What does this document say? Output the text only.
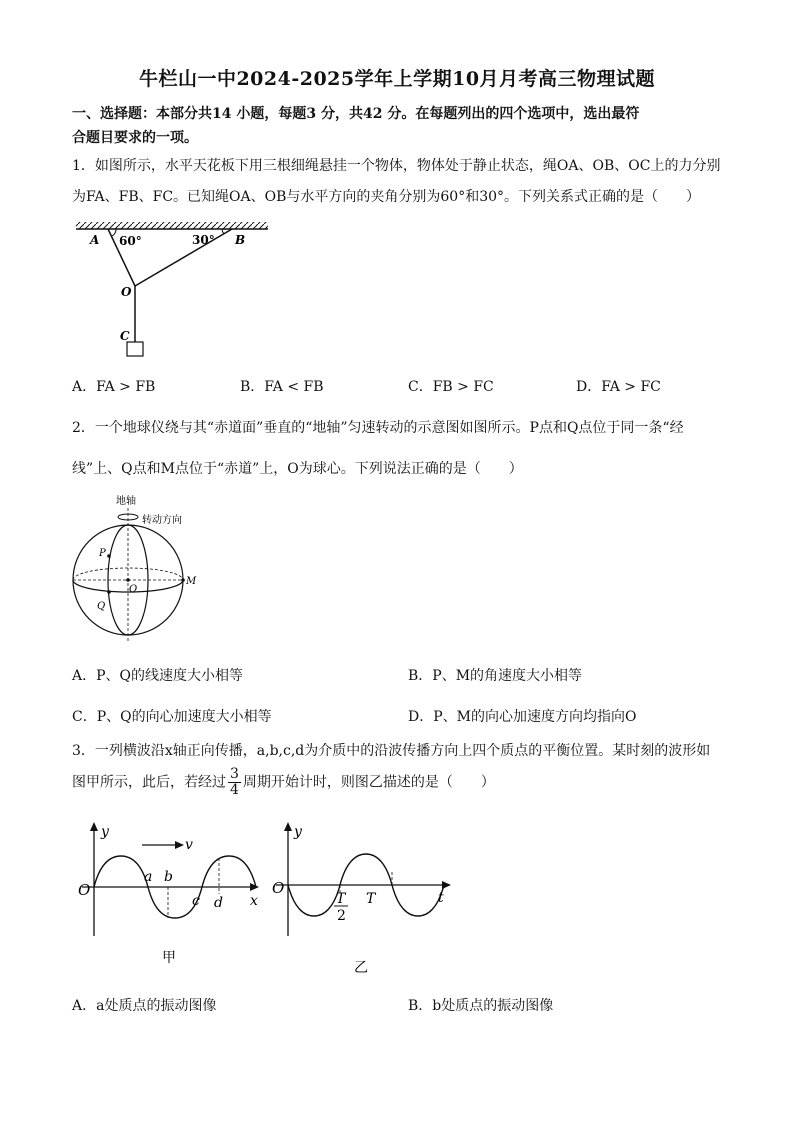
牛栏山一中2024-2025学年上学期10月月考高三物理试题
一、选择题：本部分共14 小题，每题3 分，共42 分。在每题列出的四个选项中，选出最符
合题目要求的一项。
1．如图所示，水平天花板下用三根细绳悬挂一个物体，物体处于静止状态，绳OA、OB、OC上的力分别
为FA、FB、FC。已知绳OA、OB与水平方向的夹角分别为60°和30°。下列关系式正确的是（　　）
A 60°	30° B
O
C
A．FA > FB	B．FA < FB	C．FB > FC	D．FA > FC
2．一个地球仪绕与其“赤道面”垂直的“地轴”匀速转动的示意图如图所示。P点和Q点位于同一条“经
线”上、Q点和M点位于“赤道”上，O为球心。下列说法正确的是（　　）
地轴
转动方向
P
Q
O
M
A．P、Q的线速度大小相等	B．P、M的角速度大小相等
C．P、Q的向心加速度大小相等	D．P、M的向心加速度方向均指向O
3．一列横波沿x轴正向传播，a,b,c,d为介质中的沿波传播方向上四个质点的平衡位置。某时刻的波形如
图甲所示，此后，若经过 $\frac{3}{4}$ 周期开始计时，则图乙描述的是（　　）
y
v
O
a b
c d x
甲
y
O
T
2
T	t
乙
A．a处质点的振动图像	B．b处质点的振动图像
